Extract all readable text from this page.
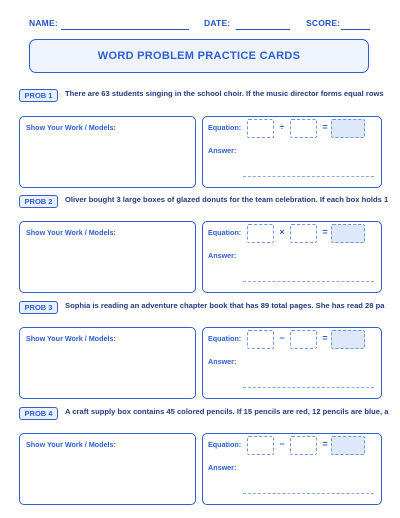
NAME:	DATE:	SCORE:
WORD PROBLEM PRACTICE CARDS
PROB 1	There are 63 students singing in the school choir. If the music director forms equal rows
Show Your Work / Models:	Equation:	÷	=
Answer:
PROB 2	Oliver bought 3 large boxes of glazed donuts for the team celebration. If each box holds 1
Show Your Work / Models:	Equation:	×	=
Answer:
PROB 3	Sophia is reading an adventure chapter book that has 89 total pages. She has read 28 pa
Show Your Work / Models:	Equation:	−	=
Answer:
PROB 4	A craft supply box contains 45 colored pencils. If 15 pencils are red, 12 pencils are blue, a
Show Your Work / Models:	Equation:	−	=
Answer:
